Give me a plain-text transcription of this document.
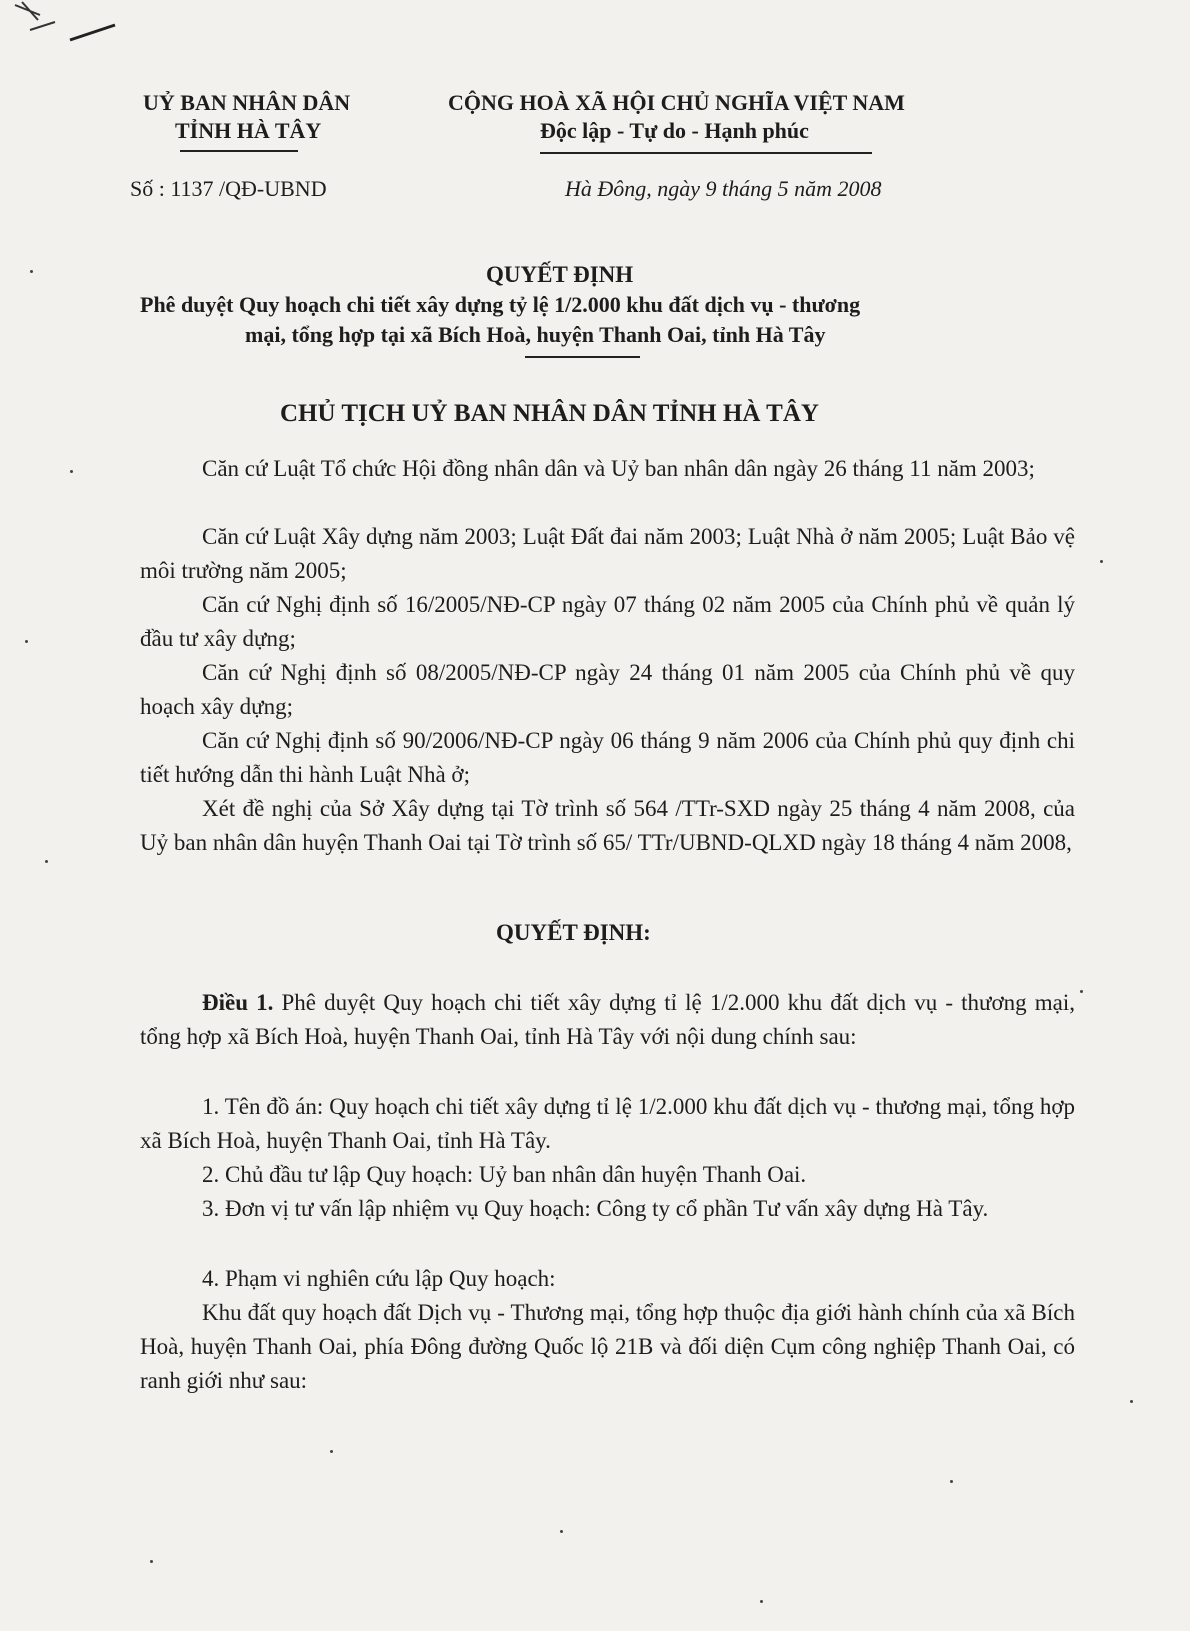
UỶ BAN NHÂN DÂN
TỈNH HÀ TÂY
Số : 1137 /QĐ-UBND
CỘNG HOÀ XÃ HỘI CHỦ NGHĨA VIỆT NAM
Độc lập - Tự do - Hạnh phúc
Hà Đông, ngày 9 tháng 5 năm 2008
QUYẾT ĐỊNH
Phê duyệt Quy hoạch chi tiết xây dựng tỷ lệ 1/2.000 khu đất dịch vụ - thương
mại, tổng hợp tại xã Bích Hoà, huyện Thanh Oai, tỉnh Hà Tây
CHỦ TỊCH UỶ BAN NHÂN DÂN TỈNH HÀ TÂY
Căn cứ Luật Tổ chức Hội đồng nhân dân và Uỷ ban nhân dân ngày 26 tháng 11 năm 2003;
Căn cứ Luật Xây dựng năm 2003; Luật Đất đai năm 2003; Luật Nhà ở năm 2005; Luật Bảo vệ môi trường năm 2005;
Căn cứ Nghị định số 16/2005/NĐ-CP ngày 07 tháng 02 năm 2005 của Chính phủ về quản lý đầu tư xây dựng;
Căn cứ Nghị định số 08/2005/NĐ-CP ngày 24 tháng 01 năm 2005 của Chính phủ về quy hoạch xây dựng;
Căn cứ Nghị định số 90/2006/NĐ-CP ngày 06 tháng 9 năm 2006 của Chính phủ quy định chi tiết hướng dẫn thi hành Luật Nhà ở;
Xét đề nghị của Sở Xây dựng tại Tờ trình số 564 /TTr-SXD ngày 25 tháng 4 năm 2008, của Uỷ ban nhân dân huyện Thanh Oai tại Tờ trình số 65/ TTr/UBND-QLXD ngày 18 tháng 4 năm 2008,
QUYẾT ĐỊNH:
Điều 1. Phê duyệt Quy hoạch chi tiết xây dựng tỉ lệ 1/2.000 khu đất dịch vụ - thương mại, tổng hợp xã Bích Hoà, huyện Thanh Oai, tỉnh Hà Tây với nội dung chính sau:
1. Tên đồ án: Quy hoạch chi tiết xây dựng tỉ lệ 1/2.000 khu đất dịch vụ - thương mại, tổng hợp xã Bích Hoà, huyện Thanh Oai, tỉnh Hà Tây.
2. Chủ đầu tư lập Quy hoạch: Uỷ ban nhân dân huyện Thanh Oai.
3. Đơn vị tư vấn lập nhiệm vụ Quy hoạch: Công ty cổ phần Tư vấn xây dựng Hà Tây.
4. Phạm vi nghiên cứu lập Quy hoạch:
Khu đất quy hoạch đất Dịch vụ - Thương mại, tổng hợp thuộc địa giới hành chính của xã Bích Hoà, huyện Thanh Oai, phía Đông đường Quốc lộ 21B và đối diện Cụm công nghiệp Thanh Oai, có ranh giới như sau:
